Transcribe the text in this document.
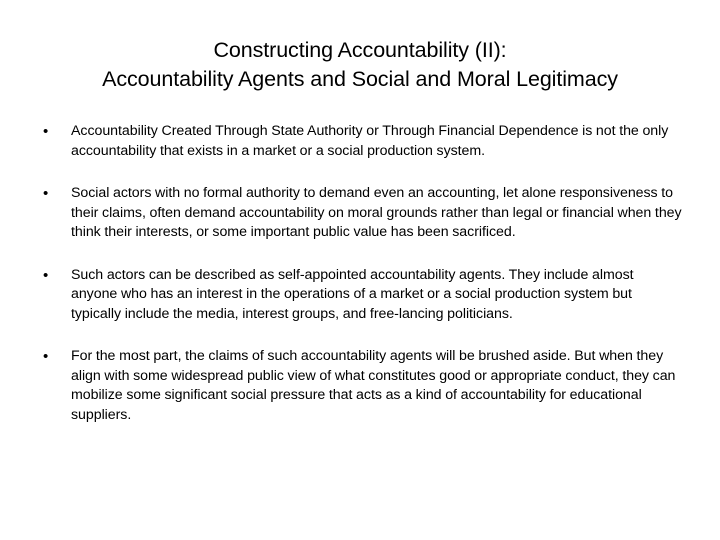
Constructing Accountability (II):
Accountability Agents and Social and Moral Legitimacy
•	Accountability Created Through State Authority or Through Financial Dependence is not the only accountability that exists in a market or a social production system.
•	Social actors with no formal authority to demand even an accounting, let alone responsiveness to their claims, often demand accountability on moral grounds rather than legal or financial when they think their interests, or some important public value has been sacrificed.
•	Such actors can be described as self-appointed accountability agents. They include almost anyone who has an interest in the operations of a market or a social production system but typically include the media, interest groups, and free-lancing politicians.
•	For the most part, the claims of such accountability agents will be brushed aside. But when they align with some widespread public view of what constitutes good or appropriate conduct, they can mobilize some significant social pressure that acts as a kind of accountability for educational suppliers.
